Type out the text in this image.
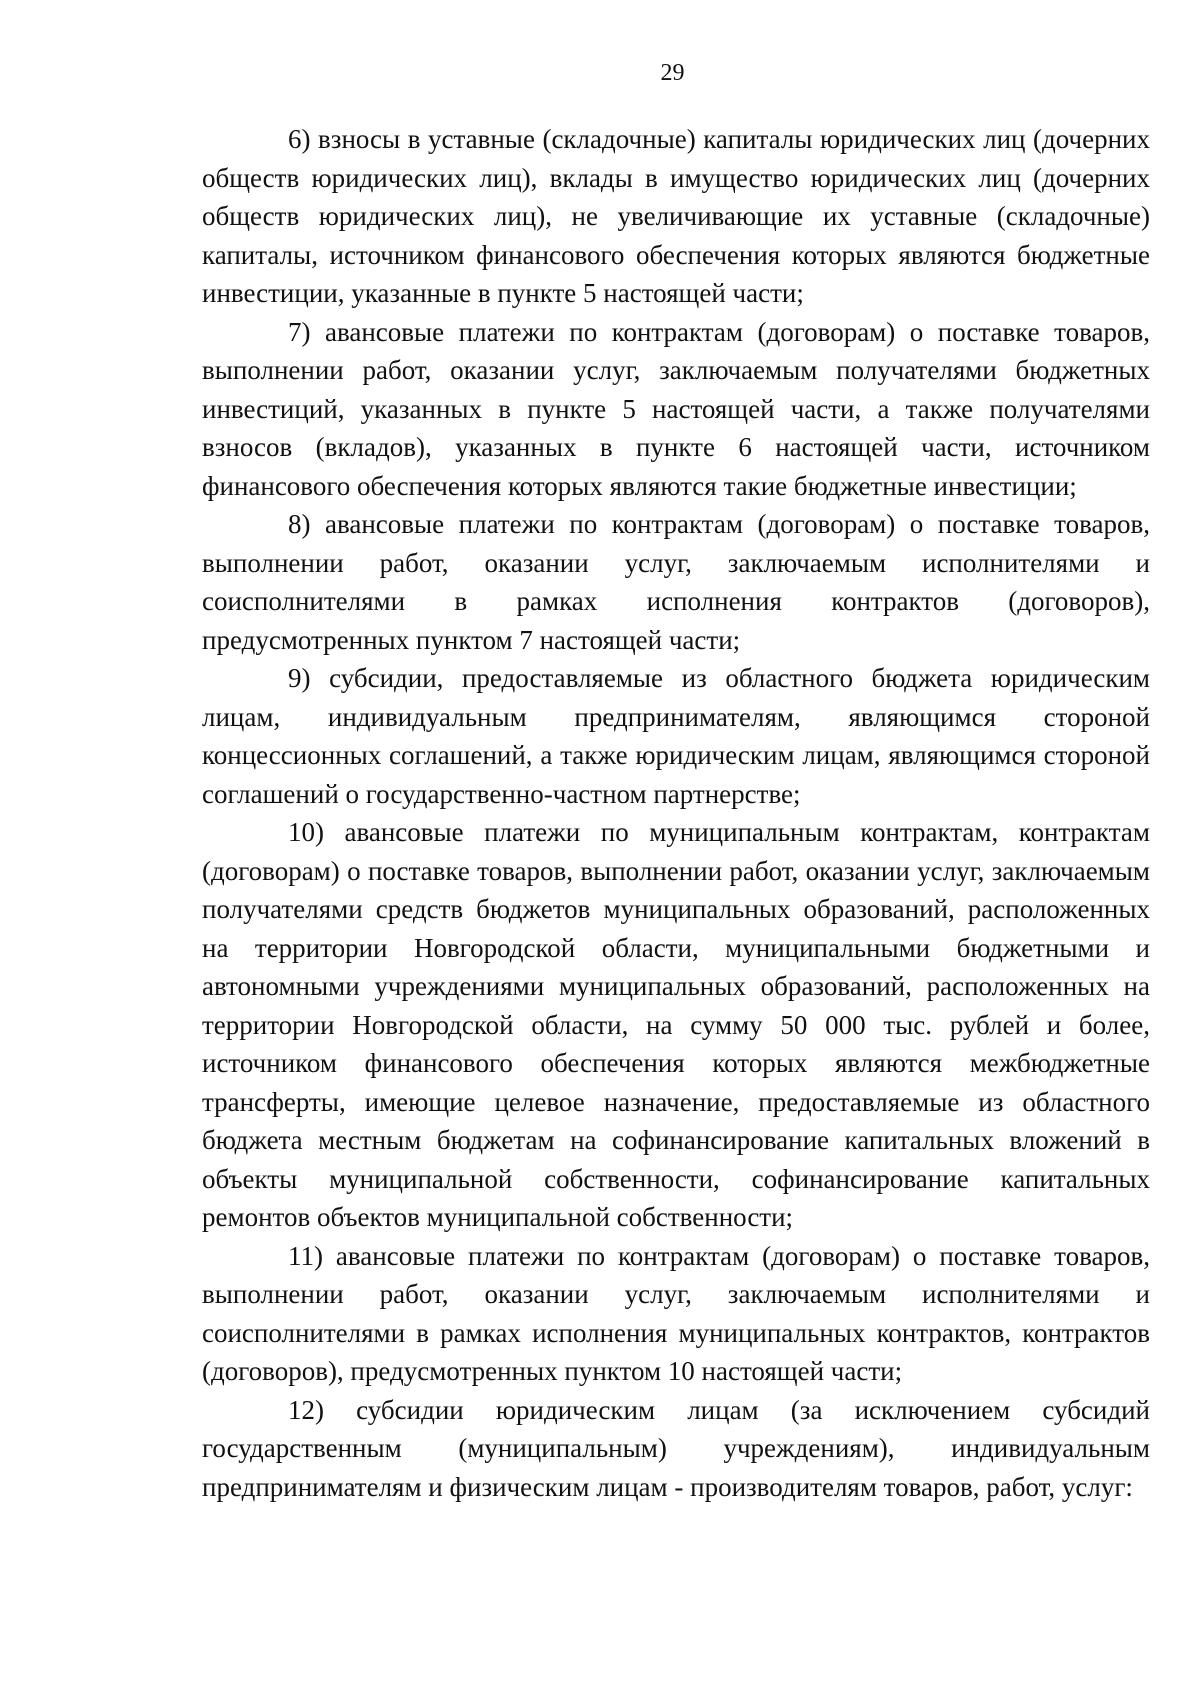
29

6) взносы в уставные (складочные) капиталы юридических лиц (дочерних обществ юридических лиц), вклады в имущество юридических лиц (дочерних обществ юридических лиц), не увеличивающие их уставные (складочные) капиталы, источником финансового обеспечения которых являются бюджетные инвестиции, указанные в пункте 5 настоящей части;

7) авансовые платежи по контрактам (договорам) о поставке товаров, выполнении работ, оказании услуг, заключаемым получателями бюджетных инвестиций, указанных в пункте 5 настоящей части, а также получателями взносов (вкладов), указанных в пункте 6 настоящей части, источником финансового обеспечения которых являются такие бюджетные инвестиции;

8) авансовые платежи по контрактам (договорам) о поставке товаров, выполнении работ, оказании услуг, заключаемым исполнителями и соисполнителями в рамках исполнения контрактов (договоров), предусмотренных пунктом 7 настоящей части;

9) субсидии, предоставляемые из областного бюджета юридическим лицам, индивидуальным предпринимателям, являющимся стороной концессионных соглашений, а также юридическим лицам, являющимся стороной соглашений о государственно-частном партнерстве;

10) авансовые платежи по муниципальным контрактам, контрактам (договорам) о поставке товаров, выполнении работ, оказании услуг, заключаемым получателями средств бюджетов муниципальных образований, расположенных на территории Новгородской области, муниципальными бюджетными и автономными учреждениями муниципальных образований, расположенных на территории Новгородской области, на сумму 50 000 тыс. рублей и более, источником финансового обеспечения которых являются межбюджетные трансферты, имеющие целевое назначение, предоставляемые из областного бюджета местным бюджетам на софинансирование капитальных вложений в объекты муниципальной собственности, софинансирование капитальных ремонтов объектов муниципальной собственности;

11) авансовые платежи по контрактам (договорам) о поставке товаров, выполнении работ, оказании услуг, заключаемым исполнителями и соисполнителями в рамках исполнения муниципальных контрактов, контрактов (договоров), предусмотренных пунктом 10 настоящей части;

12) субсидии юридическим лицам (за исключением субсидий государственным (муниципальным) учреждениям), индивидуальным предпринимателям и физическим лицам - производителям товаров, работ, услуг:
